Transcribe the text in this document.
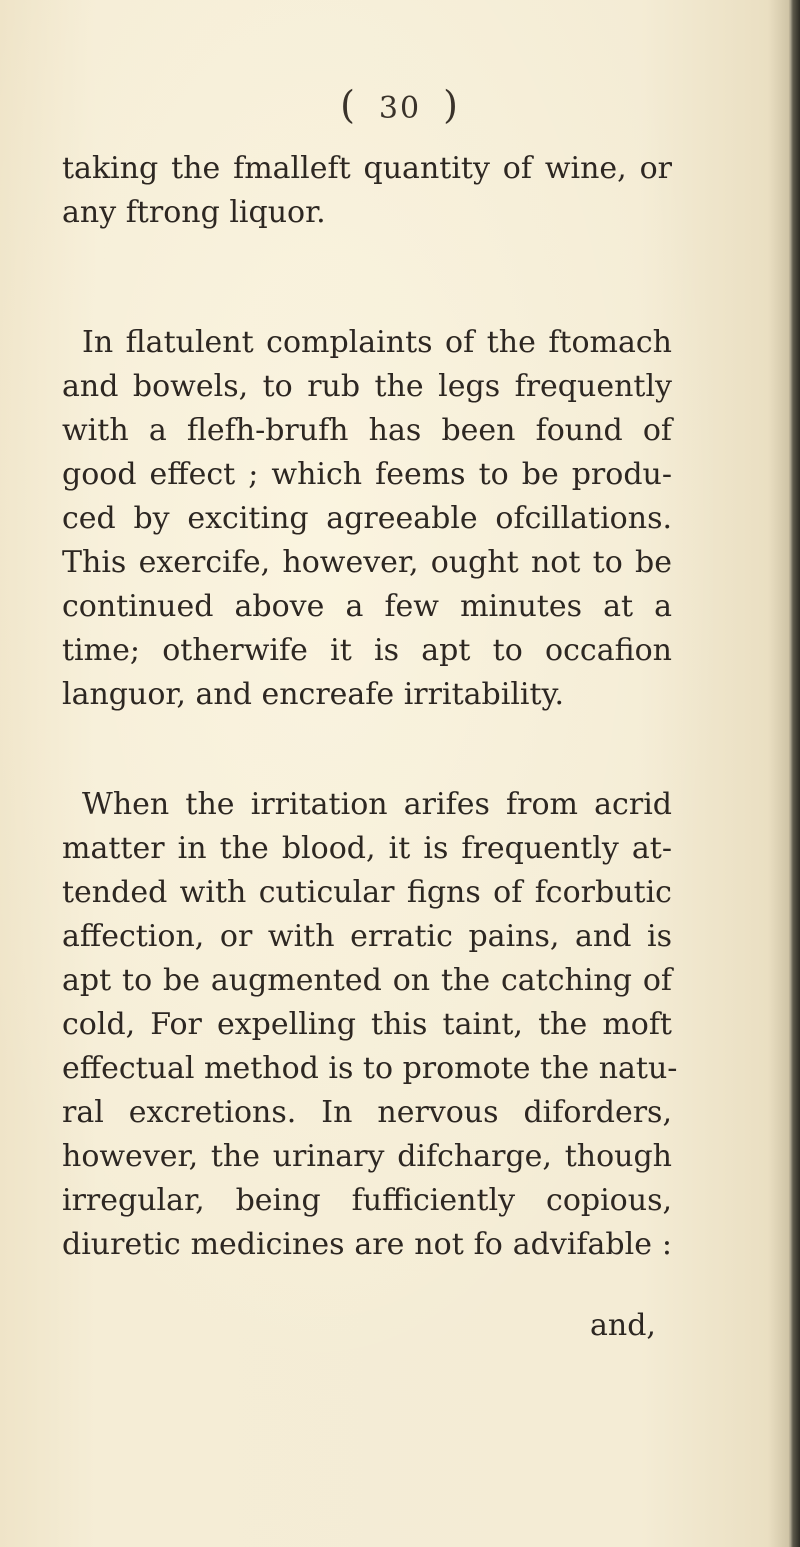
( 30 )
taking the fmalleft quantity of wine, or
any ftrong liquor.
In flatulent complaints of the ftomach
and bowels, to rub the legs frequently
with a flefh-brufh has been found of
good effect ; which feems to be produ-
ced by exciting agreeable ofcillations.
This exercife, however, ought not to be
continued above a few minutes at a
time; otherwife it is apt to occafion
languor, and encreafe irritability.
When the irritation arifes from acrid
matter in the blood, it is frequently at-
tended with cuticular figns of fcorbutic
affection, or with erratic pains, and is
apt to be augmented on the catching of
cold, For expelling this taint, the moft
effectual method is to promote the natu-
ral excretions. In nervous diforders,
however, the urinary difcharge, though
irregular, being fufficiently copious,
diuretic medicines are not fo advifable :
and,
